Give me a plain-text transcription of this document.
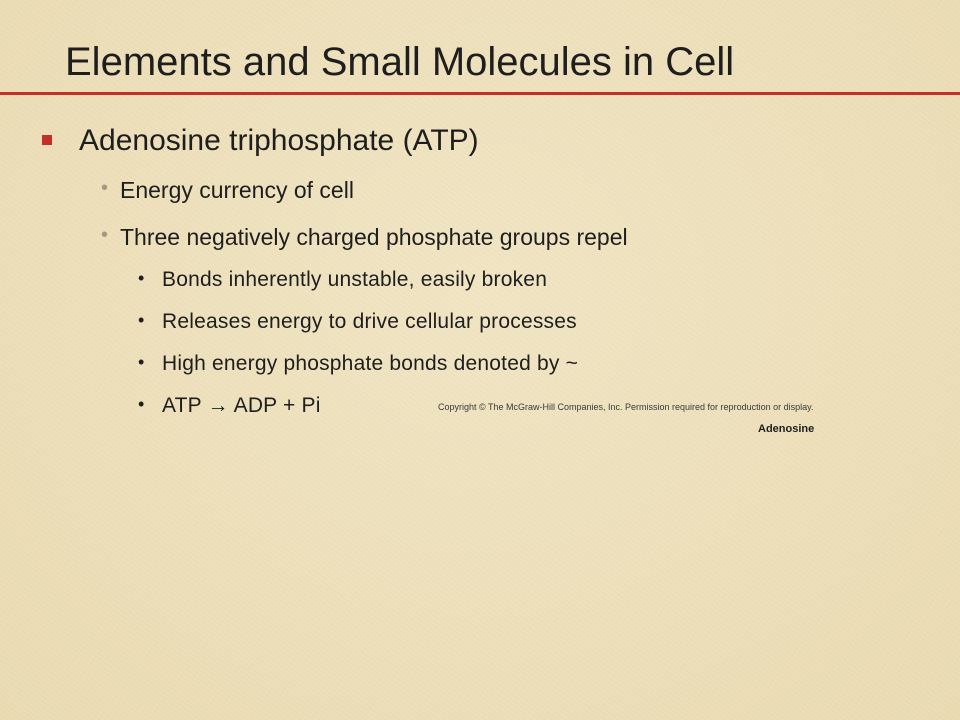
Elements and Small Molecules in Cell
Adenosine triphosphate (ATP)
• Energy currency of cell
• Three negatively charged phosphate groups repel
• Bonds inherently unstable, easily broken
• Releases energy to drive cellular processes
• High energy phosphate bonds denoted by ~
• ATP → ADP + Pi	Copyright © The McGraw-Hill Companies, Inc. Permission required for reproduction or display.
Adenosine
